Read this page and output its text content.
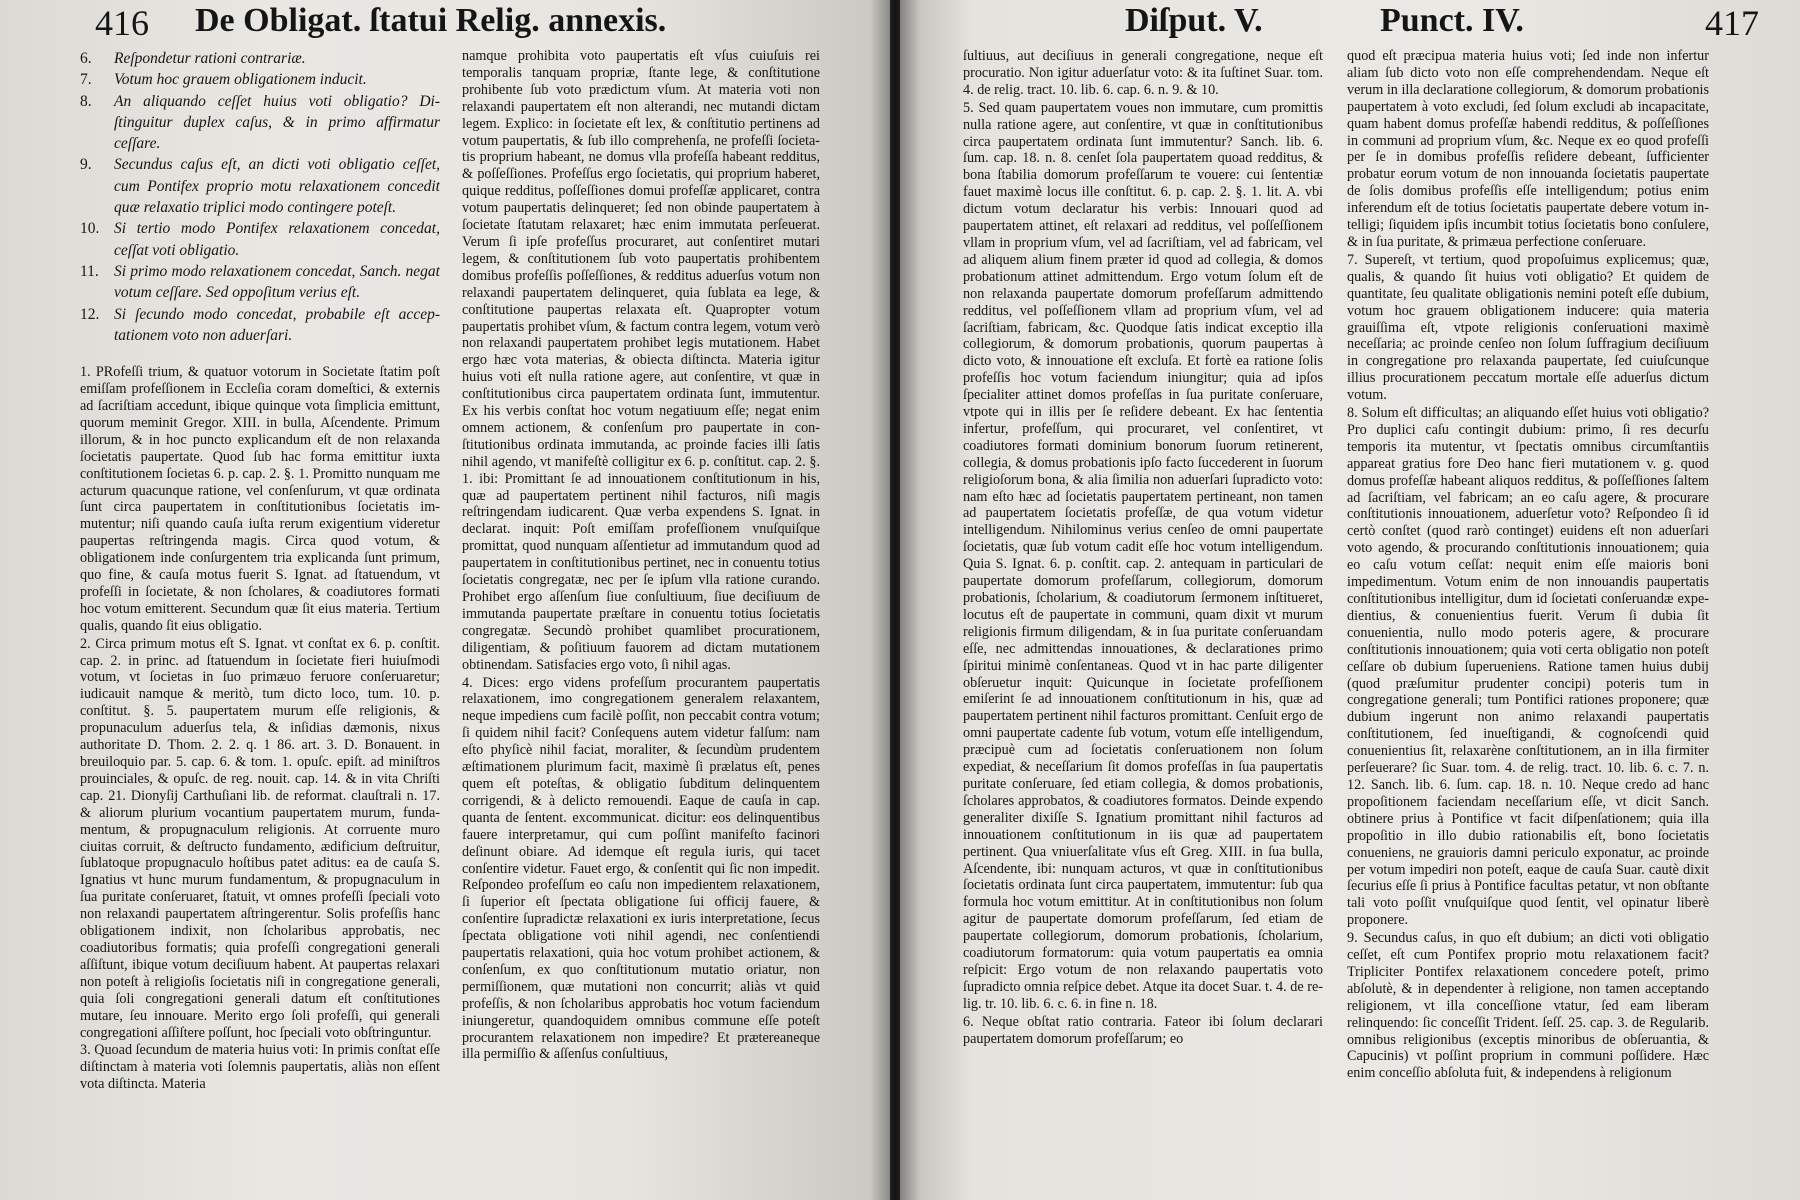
416 De Obligat. ſtatui Relig. annexis.

6. Reſpondetur rationi contrariæ.

7. Votum hoc grauem obligationem inducit.

8. An aliquando ceſſet huius voti obligatio? Diſtinguitur duplex caſus, & in primo affirmatur ceſſare.

9. Secundus caſus eſt, an dicti voti obligatio ceſſet, cum Pontifex proprio motu relaxationem concedit quæ relaxatio triplici modo contingere poteſt.

10. Si tertio modo Pontifex relaxationem concedat, ceſſat voti obligatio.

11. Si primo modo relaxationem concedat, Sanch. negat votum ceſſare. Sed oppoſitum verius eſt.

12. Si ſecundo modo concedat, probabile eſt acceptationem voto non aduerſari.

1. PRofeſſi trium, & quatuor votorum in Societate ſtatim poſt emiſſam profeſſionem in Eccleſia coram domeſtici, & externis ad ſacriſtiam accedunt, ibique quinque vota ſimplicia emittunt, quorum meminit Gregor. XIII. in bulla, Aſcendente. Primum illorum, & in hoc puncto explicandum eſt de non relaxanda ſocietatis paupertate. Quod ſub hac forma emittitur iuxta conſtitutionem ſocietas 6. p. cap. 2. §. 1. Promitto nunquam me acturum quacunque ratione, vel conſenſurum, vt quæ ordinata ſunt circa paupertatem in conſtitutionibus ſocietatis immutentur; niſi quando cauſa iuſta rerum exigentium videretur paupertas reſtringenda magis. Circa quod votum, & obligationem inde conſurgentem tria explicanda ſunt primum, quo fine, & cauſa motus fuerit S. Ignat. ad ſtatuendum, vt profeſſi in ſocietate, & non ſcholares, & coadiutores formati hoc votum emitterent. Secundum quæ ſit eius materia. Tertium qualis, quando ſit eius obligatio.

2. Circa primum motus eſt S. Ignat. vt conſtat ex 6. p. conſtit. cap. 2. in princ. ad ſtatuendum in ſocietate fieri huiuſmodi votum, vt ſocietas in ſuo primæuo feruore conſeruaretur; iudicauit namque & meritò, tum dicto loco, tum. 10. p. conſtitut. §. 5. paupertatem murum eſſe religionis, & propunaculum aduerſus tela, & inſidias dæmonis, nixus authoritate D. Thom. 2. 2. q. 1 86. art. 3. D. Bonauent. in breuiloquio par. 5. cap. 6. & tom. 1. opuſc. epiſt. ad miniſtros prouinciales, & opuſc. de reg. nouit. cap. 14. & in vita Chriſti cap. 21. Dionyſij Carthuſiani lib. de reformat. clauſtrali n. 17. & aliorum plurium vocantium paupertatem murum, fundamentum, & propugnaculum religionis. At corruente muro ciuitas corruit, & deſtructo fundamento, ædificium deſtruitur, ſublatoque propugnaculo hoſtibus patet aditus: ea de cauſa S. Ignatius vt hunc murum fundamentum, & propugnaculum in ſua puritate conſeruaret, ſtatuit, vt omnes profeſſi ſpeciali voto non relaxandi paupertatem aſtringerentur. Solis profeſſis hanc obligationem indixit, non ſcholaribus approbatis, nec coadiutoribus formatis; quia profeſſi congregationi generali aſſiſtunt, ibique votum deciſiuum habent. At paupertas relaxari non poteſt à religioſis ſocietatis niſi in congregatione generali, quia ſoli congregationi generali datum eſt conſtitutiones mutare, ſeu innouare. Merito ergo ſoli profeſſi, qui generali congregationi aſſiſtere poſſunt, hoc ſpeciali voto obſtringuntur.

3. Quoad ſecundum de materia huius voti: In primis conſtat eſſe diſtinctam à materia voti ſolemnis paupertatis, aliàs non eſſent vota diſtincta. Materia

namque prohibita voto paupertatis eſt vſus cuiuſuis rei temporalis tanquam propriæ, ſtante lege, & conſtitutione prohibente ſub voto prædictum vſum. At materia voti non relaxandi paupertatem eſt non alterandi, nec mutandi dictam legem. Explico: in ſocietate eſt lex, & conſtitutio pertinens ad votum paupertatis, & ſub illo comprehenſa, ne profeſſi ſocietatis proprium habeant, ne domus vlla profeſſa habeant redditus, & poſſeſſiones. Profeſſus ergo ſocietatis, qui proprium haberet, quique redditus, poſſeſſiones domui profeſſæ applicaret, contra votum paupertatis delinqueret; ſed non obinde paupertatem à ſocietate ſtatutam relaxaret; hæc enim immutata perſeuerat. Verum ſi ipſe profeſſus procuraret, aut conſentiret mutari legem, & conſtitutionem ſub voto paupertatis prohibentem domibus profeſſis poſſeſſiones, & redditus aduerſus votum non relaxandi paupertatem delinqueret, quia ſublata ea lege, & conſtitutione paupertas relaxata eſt. Quapropter votum paupertatis prohibet vſum, & factum contra legem, votum verò non relaxandi paupertatem prohibet legis mutationem. Habet ergo hæc vota materias, & obiecta diſtincta. Materia igitur huius voti eſt nulla ratione agere, aut conſentire, vt quæ in conſtitutionibus circa paupertatem ordinata ſunt, immutentur. Ex his verbis conſtat hoc votum negatiuum eſſe; negat enim omnem actionem, & conſenſum pro paupertate in conſtitutionibus ordinata immutanda, ac proinde facies illi ſatis nihil agendo, vt manifeſtè colligitur ex 6. p. conſtitut. cap. 2. §. 1. ibi: Promittant ſe ad innouationem conſtitutionum in his, quæ ad paupertatem pertinent nihil facturos, niſi magis reſtringendam iudicarent. Quæ verba expendens S. Ignat. in declarat. inquit: Poſt emiſſam profeſſionem vnuſquiſque promittat, quod nunquam aſſentietur ad immutandum quod ad paupertatem in conſtitutionibus pertinet, nec in conuentu totius ſocietatis congregatæ, nec per ſe ipſum vlla ratione curando. Prohibet ergo aſſenſum ſiue conſultiuum, ſiue deciſiuum de immutanda paupertate præſtare in conuentu totius ſocietatis congregatæ. Secundò prohibet quamlibet procurationem, diligentiam, & poſitiuum fauorem ad dictam mutationem obtinendam. Satisfacies ergo voto, ſi nihil agas.

4. Dices: ergo videns profeſſum procurantem paupertatis relaxationem, imo congregationem generalem relaxantem, neque impediens cum facilè poſſit, non peccabit contra votum; ſi quidem nihil facit? Conſequens autem videtur falſum: nam eſto phyſicè nihil faciat, moraliter, & ſecundùm prudentem æſtimationem plurimum facit, maximè ſi prælatus eſt, penes quem eſt poteſtas, & obligatio ſubditum delinquentem corrigendi, & à delicto remouendi. Eaque de cauſa in cap. quanta de ſentent. excommunicat. dicitur: eos delinquentibus fauere interpretamur, qui cum poſſint manifeſto facinori deſinunt obiare. Ad idemque eſt regula iuris, qui tacet conſentire videtur. Fauet ergo, & conſentit qui ſic non impedit. Reſpondeo profeſſum eo caſu non impedientem relaxationem, ſi ſuperior eſt ſpectata obligatione ſui officij fauere, & conſentire ſupradictæ relaxationi ex iuris interpretatione, ſecus ſpectata obligatione voti nihil agendi, nec conſentiendi paupertatis relaxationi, quia hoc votum prohibet actionem, & conſenſum, ex quo conſtitutionum mutatio oriatur, non permiſſionem, quæ mutationi non concurrit; aliàs vt quid profeſſis, & non ſcholaribus approbatis hoc votum faciendum iniungeretur, quandoquidem omnibus commune eſſe poteſt procurantem relaxationem non impedire? Et prætereaneque illa permiſſio & aſſenſus conſultiuus,

Diſput. V.	Punct. IV.	417

ſultiuus, aut deciſiuus in generali congregatione, neque eſt procuratio. Non igitur aduerſatur voto: & ita ſuſtinet Suar. tom. 4. de relig. tract. 10. lib. 6. cap. 6. n. 9. & 10.

5. Sed quam paupertatem voues non immutare, cum promittis nulla ratione agere, aut conſentire, vt quæ in conſtitutionibus circa paupertatem ordinata ſunt immutentur? Sanch. lib. 6. ſum. cap. 18. n. 8. cenſet ſola paupertatem quoad redditus, & bona ſtabilia domorum profeſſarum te vouere: cui ſententiæ fauet maximè locus ille conſtitut. 6. p. cap. 2. §. 1. lit. A. vbi dictum votum declaratur his verbis: Innouari quod ad paupertatem attinet, eſt relaxari ad redditus, vel poſſeſſionem vllam in proprium vſum, vel ad ſacriſtiam, vel ad fabricam, vel ad aliquem alium finem præter id quod ad collegia, & domos probationum attinet admittendum. Ergo votum ſolum eſt de non relaxanda paupertate domorum profeſſarum admittendo redditus, vel poſſeſſionem vllam ad proprium vſum, vel ad ſacriſtiam, fabricam, &c. Quodque ſatis indicat exceptio illa collegiorum, & domorum probationis, quorum paupertas à dicto voto, & innouatione eſt excluſa. Et fortè ea ratione ſolis profeſſis hoc votum faciendum iniungitur; quia ad ipſos ſpecialiter attinet domos profeſſas in ſua puritate conſeruare, vtpote qui in illis per ſe reſidere debeant. Ex hac ſententia infertur, profeſſum, qui procuraret, vel conſentiret, vt coadiutores formati dominium bonorum ſuorum retinerent, collegia, & domus probationis ipſo facto ſuccederent in ſuorum religioſorum bona, & alia ſimilia non aduerſari ſupradicto voto: nam eſto hæc ad ſocietatis paupertatem pertineant, non tamen ad paupertatem ſocietatis profeſſæ, de qua votum videtur intelligendum. Nihilominus verius cenſeo de omni paupertate ſocietatis, quæ ſub votum cadit eſſe hoc votum intelligendum. Quia S. Ignat. 6. p. conſtit. cap. 2. antequam in particulari de paupertate domorum profeſſarum, collegiorum, domorum probationis, ſcholarium, & coadiutorum ſermonem inſtitueret, locutus eſt de paupertate in communi, quam dixit vt murum religionis firmum diligendam, & in ſua puritate conſeruandam eſſe, nec admittendas innouationes, & declarationes primo ſpiritui minimè conſentaneas. Quod vt in hac parte diligenter obſeruetur inquit: Quicunque in ſocietate profeſſionem emiſerint ſe ad innouationem conſtitutionum in his, quæ ad paupertatem pertinent nihil facturos promittant. Cenſuit ergo de omni paupertate cadente ſub votum, votum eſſe intelligendum, præcipuè cum ad ſocietatis conſeruationem non ſolum expediat, & neceſſarium ſit domos profeſſas in ſua paupertatis puritate conſeruare, ſed etiam collegia, & domos probationis, ſcholares approbatos, & coadiutores formatos. Deinde expendo generaliter dixiſſe S. Ignatium promittant nihil facturos ad innouationem conſtitutionum in iis quæ ad paupertatem pertinent. Qua vniuerſalitate vſus eſt Greg. XIII. in ſua bulla, Aſcendente, ibi: nunquam acturos, vt quæ in conſtitutionibus ſocietatis ordinata ſunt circa paupertatem, immutentur: ſub qua formula hoc votum emittitur. At in conſtitutionibus non ſolum agitur de paupertate domorum profeſſarum, ſed etiam de paupertate collegiorum, domorum probationis, ſcholarium, coadiutorum formatorum: quia votum paupertatis ea omnia reſpicit: Ergo votum de non relaxando paupertatis voto ſupradicto omnia reſpice debet. Atque ita docet Suar. t. 4. de relig. tr. 10. lib. 6. c. 6. in fine n. 18.

6. Neque obſtat ratio contraria. Fateor ibi ſolum declarari paupertatem domorum profeſſarum; eo

quod eſt præcipua materia huius voti; ſed inde non infertur aliam ſub dicto voto non eſſe comprehendendam. Neque eſt verum in illa declaratione collegiorum, & domorum probationis paupertatem à voto excludi, ſed ſolum excludi ab incapacitate, quam habent domus profeſſæ habendi redditus, & poſſeſſiones in communi ad proprium vſum, &c. Neque ex eo quod profeſſi per ſe in domibus profeſſis reſidere debeant, ſufficienter probatur eorum votum de non innouanda ſocietatis paupertate de ſolis domibus profeſſis eſſe intelligendum; potius enim inferendum eſt de totius ſocietatis paupertate debere votum intelligi; ſiquidem ipſis incumbit totius ſocietatis bono conſulere, & in ſua puritate, & primæua perfectione conſeruare.

7. Supereſt, vt tertium, quod propoſuimus explicemus; quæ, qualis, & quando ſit huius voti obligatio? Et quidem de quantitate, ſeu qualitate obligationis nemini poteſt eſſe dubium, votum hoc grauem obligationem inducere: quia materia grauiſſima eſt, vtpote religionis conſeruationi maximè neceſſaria; ac proinde cenſeo non ſolum ſuffragium deciſiuum in congregatione pro relaxanda paupertate, ſed cuiuſcunque illius procurationem peccatum mortale eſſe aduerſus dictum votum.

8. Solum eſt difficultas; an aliquando eſſet huius voti obligatio? Pro duplici caſu contingit dubium: primo, ſi res decurſu temporis ita mutentur, vt ſpectatis omnibus circumſtantiis appareat gratius fore Deo hanc fieri mutationem v. g. quod domus profeſſæ habeant aliquos redditus, & poſſeſſiones ſaltem ad ſacriſtiam, vel fabricam; an eo caſu agere, & procurare conſtitutionis innouationem, aduerſetur voto? Reſpondeo ſi id certò conſtet (quod rarò continget) euidens eſt non aduerſari voto agendo, & procurando conſtitutionis innouationem; quia eo caſu votum ceſſat: nequit enim eſſe maioris boni impedimentum. Votum enim de non innouandis paupertatis conſtitutionibus intelligitur, dum id ſocietati conſeruandæ expedientius, & conuenientius fuerit. Verum ſi dubia ſit conuenientia, nullo modo poteris agere, & procurare conſtitutionis innouationem; quia voti certa obligatio non poteſt ceſſare ob dubium ſuperueniens. Ratione tamen huius dubij (quod præſumitur prudenter concipi) poteris tum in congregatione generali; tum Pontifici rationes proponere; quæ dubium ingerunt non animo relaxandi paupertatis conſtitutionem, ſed inueſtigandi, & cognoſcendi quid conuenientius ſit, relaxarène conſtitutionem, an in illa firmiter perſeuerare? ſic Suar. tom. 4. de relig. tract. 10. lib. 6. c. 7. n. 12. Sanch. lib. 6. ſum. cap. 18. n. 10. Neque credo ad hanc propoſitionem faciendam neceſſarium eſſe, vt dicit Sanch. obtinere prius à Pontifice vt facit diſpenſationem; quia illa propoſitio in illo dubio rationabilis eſt, bono ſocietatis conueniens, ne grauioris damni periculo exponatur, ac proinde per votum impediri non poteſt, eaque de cauſa Suar. cautè dixit ſecurius eſſe ſi prius à Pontifice facultas petatur, vt non obſtante tali voto poſſit vnuſquiſque quod ſentit, vel opinatur liberè proponere.

9. Secundus caſus, in quo eſt dubium; an dicti voti obligatio ceſſet, eſt cum Pontifex proprio motu relaxationem facit? Tripliciter Pontifex relaxationem concedere poteſt, primo abſolutè, & in dependenter à religione, non tamen acceptando religionem, vt illa conceſſione vtatur, ſed eam liberam relinquendo: ſic conceſſit Trident. ſeſſ. 25. cap. 3. de Regularib. omnibus religionibus (exceptis minoribus de obſeruantia, & Capucinis) vt poſſint proprium in communi poſſidere. Hæc enim conceſſio abſoluta fuit, & independens à religionum
